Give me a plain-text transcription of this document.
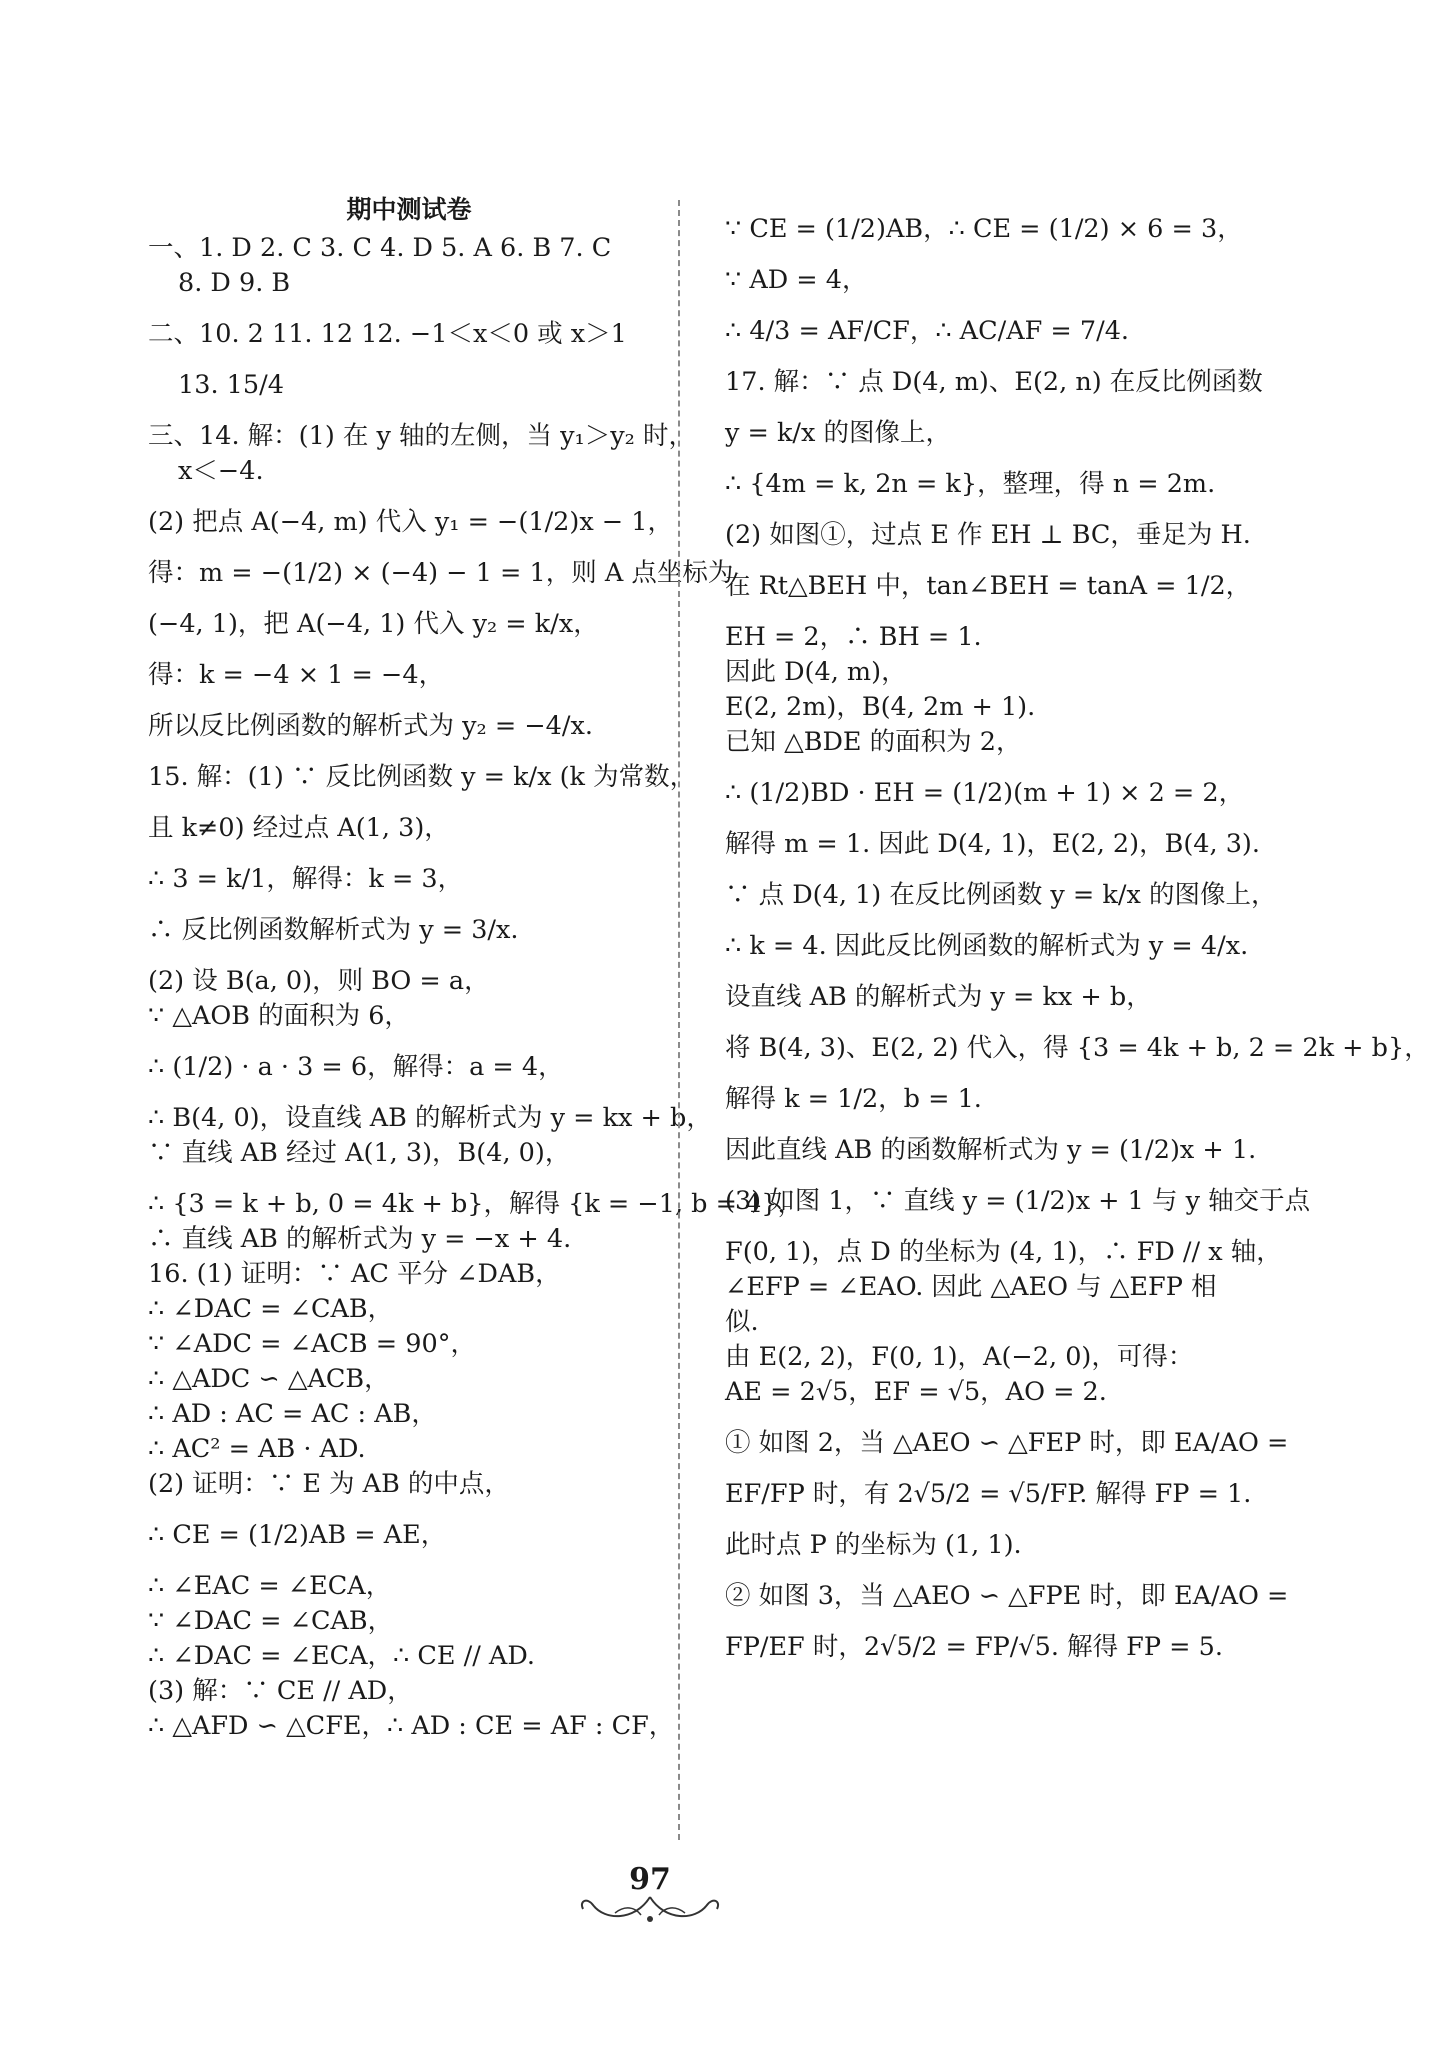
期中测试卷
一、1. D 2. C 3. C 4. D 5. A 6. B 7. C
8. D 9. B
二、10. 2 11. 12 12. −1＜x＜0 或 x＞1
13. 15/4
三、14. 解：(1) 在 y 轴的左侧，当 y₁＞y₂ 时，
x＜−4.
(2) 把点 A(−4, m) 代入 y₁ = −(1/2)x − 1，
得：m = −(1/2) × (−4) − 1 = 1，则 A 点坐标为
(−4, 1)，把 A(−4, 1) 代入 y₂ = k/x，
得：k = −4 × 1 = −4，
所以反比例函数的解析式为 y₂ = −4/x.
15. 解：(1) ∵ 反比例函数 y = k/x (k 为常数，
且 k≠0) 经过点 A(1, 3)，
∴ 3 = k/1，解得：k = 3，
∴ 反比例函数解析式为 y = 3/x.
(2) 设 B(a, 0)，则 BO = a，
∵ △AOB 的面积为 6，
∴ (1/2) · a · 3 = 6，解得：a = 4，
∴ B(4, 0)，设直线 AB 的解析式为 y = kx + b，
∵ 直线 AB 经过 A(1, 3)，B(4, 0)，
∴ {3 = k + b, 0 = 4k + b}，解得 {k = −1, b = 4}，
∴ 直线 AB 的解析式为 y = −x + 4.
16. (1) 证明：∵ AC 平分 ∠DAB，
∴ ∠DAC = ∠CAB，
∵ ∠ADC = ∠ACB = 90°，
∴ △ADC ∽ △ACB，
∴ AD : AC = AC : AB，
∴ AC² = AB · AD.
(2) 证明：∵ E 为 AB 的中点，
∴ CE = (1/2)AB = AE，
∴ ∠EAC = ∠ECA，
∵ ∠DAC = ∠CAB，
∴ ∠DAC = ∠ECA，∴ CE // AD.
(3) 解：∵ CE // AD，
∴ △AFD ∽ △CFE，∴ AD : CE = AF : CF，
∵ CE = (1/2)AB，∴ CE = (1/2) × 6 = 3，
∵ AD = 4，
∴ 4/3 = AF/CF，∴ AC/AF = 7/4.
17. 解：∵ 点 D(4, m)、E(2, n) 在反比例函数
y = k/x 的图像上，
∴ {4m = k, 2n = k}，整理，得 n = 2m.
(2) 如图①，过点 E 作 EH ⊥ BC，垂足为 H.
在 Rt△BEH 中，tan∠BEH = tanA = 1/2，
EH = 2，∴ BH = 1.
因此 D(4, m)，
E(2, 2m)，B(4, 2m + 1).
已知 △BDE 的面积为 2，
∴ (1/2)BD · EH = (1/2)(m + 1) × 2 = 2，
解得 m = 1. 因此 D(4, 1)，E(2, 2)，B(4, 3).
∵ 点 D(4, 1) 在反比例函数 y = k/x 的图像上，
∴ k = 4. 因此反比例函数的解析式为 y = 4/x.
设直线 AB 的解析式为 y = kx + b，
将 B(4, 3)、E(2, 2) 代入，得 {3 = 4k + b, 2 = 2k + b}，
解得 k = 1/2，b = 1.
因此直线 AB 的函数解析式为 y = (1/2)x + 1.
(3) 如图 1，∵ 直线 y = (1/2)x + 1 与 y 轴交于点
F(0, 1)，点 D 的坐标为 (4, 1)，∴ FD // x 轴，
∠EFP = ∠EAO. 因此 △AEO 与 △EFP 相
似.
由 E(2, 2)，F(0, 1)，A(−2, 0)，可得：
AE = 2√5，EF = √5，AO = 2.
① 如图 2，当 △AEO ∽ △FEP 时，即 EA/AO =
EF/FP 时，有 2√5/2 = √5/FP. 解得 FP = 1.
此时点 P 的坐标为 (1, 1).
② 如图 3，当 △AEO ∽ △FPE 时，即 EA/AO =
FP/EF 时，2√5/2 = FP/√5. 解得 FP = 5.
97
